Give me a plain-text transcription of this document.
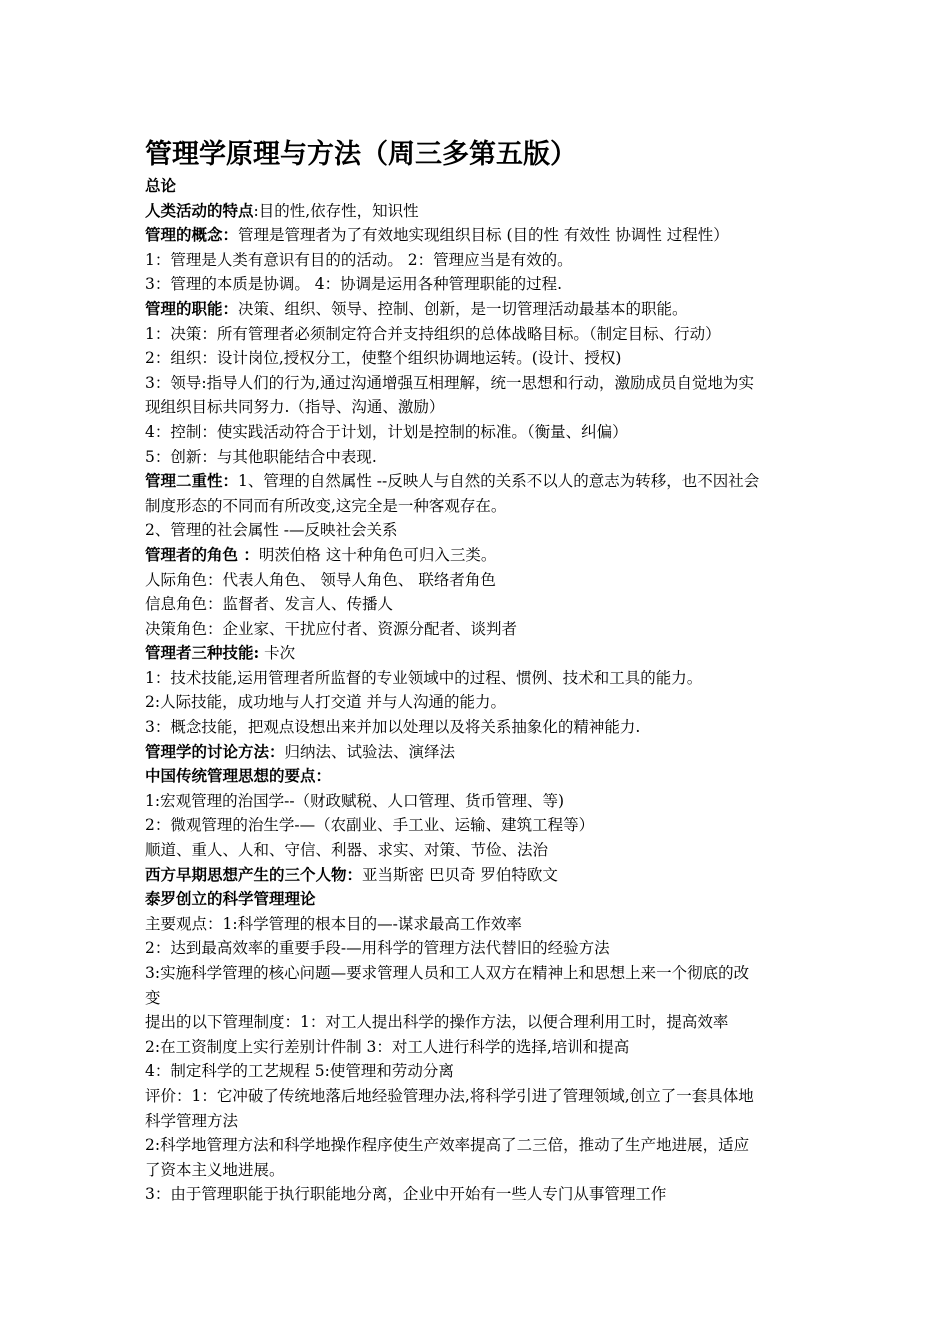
管理学原理与方法（周三多第五版）
总论
人类活动的特点:目的性,依存性，知识性
管理的概念：管理是管理者为了有效地实现组织目标 (目的性 有效性 协调性 过程性）
1：管理是人类有意识有目的的活动。 2：管理应当是有效的。
3：管理的本质是协调。 4：协调是运用各种管理职能的过程.
管理的职能：决策、组织、领导、控制、创新，是一切管理活动最基本的职能。
1：决策：所有管理者必须制定符合并支持组织的总体战略目标。（制定目标、行动）
2：组织：设计岗位,授权分工，使整个组织协调地运转。(设计、授权)
3：领导:指导人们的行为,通过沟通增强互相理解，统一思想和行动，激励成员自觉地为实
现组织目标共同努力.（指导、沟通、激励）
4：控制：使实践活动符合于计划，计划是控制的标准。（衡量、纠偏）
5：创新：与其他职能结合中表现.
管理二重性：1、管理的自然属性 --反映人与自然的关系不以人的意志为转移，也不因社会
制度形态的不同而有所改变,这完全是一种客观存在。
2、管理的社会属性 -—反映社会关系
管理者的角色 ：明茨伯格 这十种角色可归入三类。
人际角色：代表人角色、 领导人角色、 联络者角色
信息角色：监督者、发言人、传播人
决策角色：企业家、干扰应付者、资源分配者、谈判者
管理者三种技能: 卡次
1：技术技能,运用管理者所监督的专业领域中的过程、惯例、技术和工具的能力。
2:人际技能，成功地与人打交道 并与人沟通的能力。
3：概念技能，把观点设想出来并加以处理以及将关系抽象化的精神能力.
管理学的讨论方法：归纳法、试验法、演绎法
中国传统管理思想的要点：
1:宏观管理的治国学--（财政赋税、人口管理、货币管理、等)
2：微观管理的治生学-—（农副业、手工业、运输、建筑工程等）
顺道、重人、人和、守信、利器、求实、对策、节俭、法治
西方早期思想产生的三个人物：亚当斯密 巴贝奇 罗伯特欧文
泰罗创立的科学管理理论
主要观点：1:科学管理的根本目的—-谋求最高工作效率
2：达到最高效率的重要手段-—用科学的管理方法代替旧的经验方法
3:实施科学管理的核心问题—要求管理人员和工人双方在精神上和思想上来一个彻底的改
变
提出的以下管理制度：1：对工人提出科学的操作方法，以便合理利用工时，提高效率
2:在工资制度上实行差别计件制 3：对工人进行科学的选择,培训和提高
4：制定科学的工艺规程 5:使管理和劳动分离
评价：1：它冲破了传统地落后地经验管理办法,将科学引进了管理领域,创立了一套具体地
科学管理方法
2:科学地管理方法和科学地操作程序使生产效率提高了二三倍，推动了生产地进展，适应
了资本主义地进展。
3：由于管理职能于执行职能地分离，企业中开始有一些人专门从事管理工作
